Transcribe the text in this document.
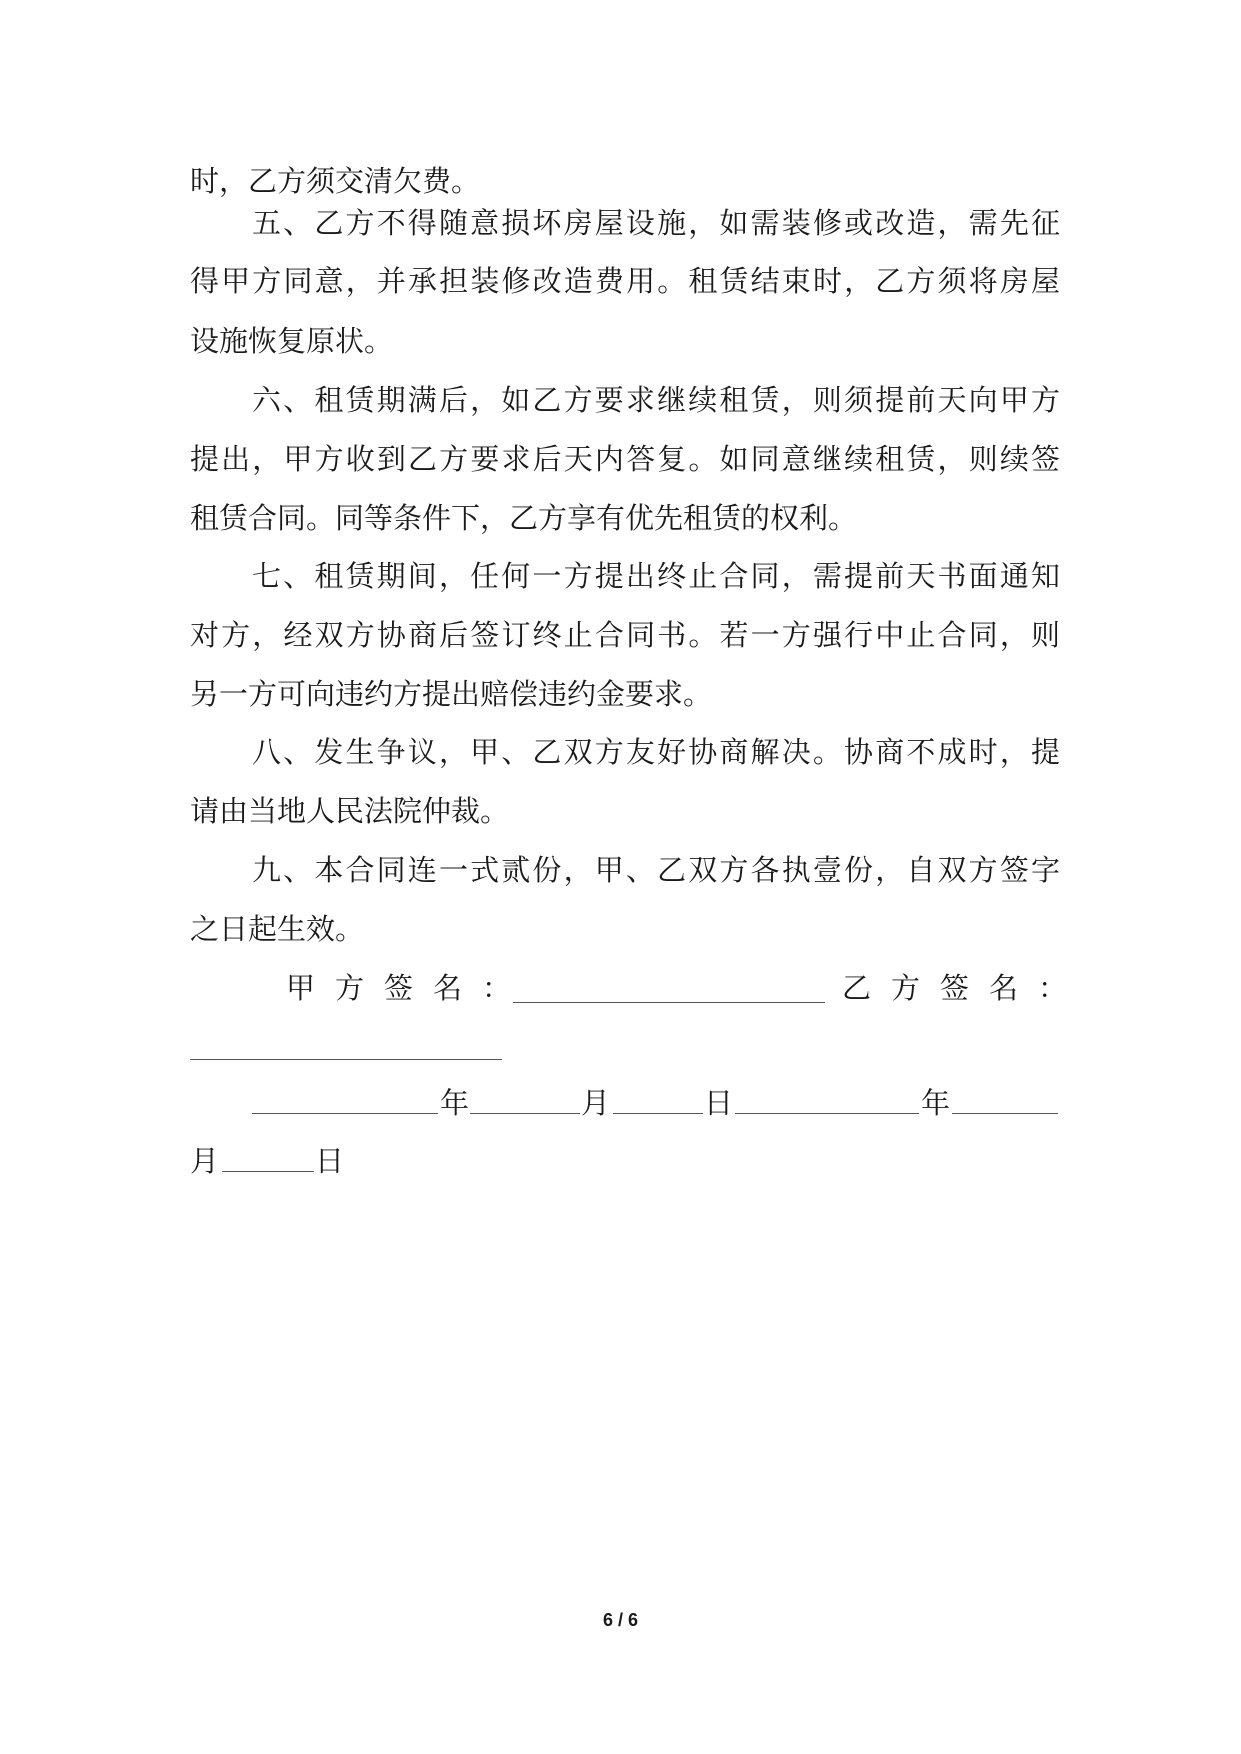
时，乙方须交清欠费。
五、乙方不得随意损坏房屋设施，如需装修或改造，需先征
得甲方同意，并承担装修改造费用。租赁结束时，乙方须将房屋
设施恢复原状。
六、租赁期满后，如乙方要求继续租赁，则须提前天向甲方
提出，甲方收到乙方要求后天内答复。如同意继续租赁，则续签
租赁合同。同等条件下，乙方享有优先租赁的权利。
七、租赁期间，任何一方提出终止合同，需提前天书面通知
对方，经双方协商后签订终止合同书。若一方强行中止合同，则
另一方可向违约方提出赔偿违约金要求。
八、发生争议，甲、乙双方友好协商解决。协商不成时，提
请由当地人民法院仲裁。
九、本合同连一式贰份，甲、乙双方各执壹份，自双方签字
之日起生效。
甲方签名：	乙方签名：
年	月	日	年
月	日
6 / 6
